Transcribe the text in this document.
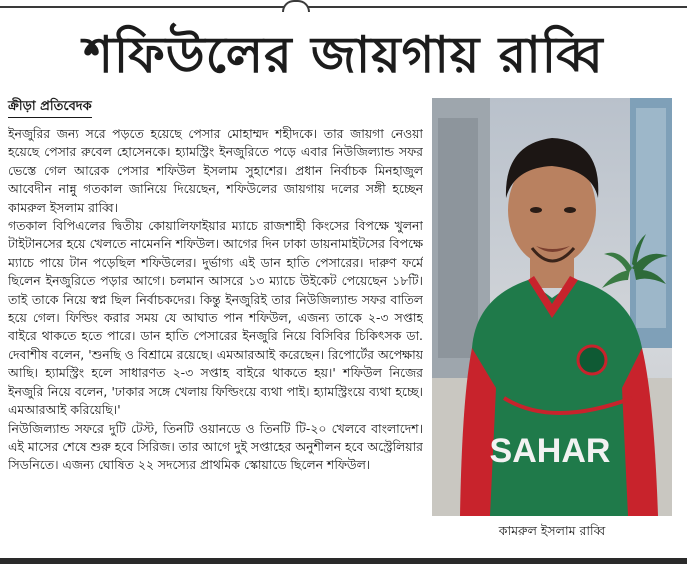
শফিউলের জায়গায় রাব্বি
ক্রীড়া প্রতিবেদক

ইনজুরির জন্য সরে পড়তে হয়েছে পেসার মোহাম্মদ শহীদকে। তার জায়গা নেওয়া হয়েছে পেসার রুবেল হোসেনকে। হ্যামস্ট্রিং ইনজুরিতে পড়ে এবার নিউজিল্যান্ড সফর ভেস্তে গেল আরেক পেসার শফিউল ইসলাম সুহাশের। প্রধান নির্বাচক মিনহাজুল আবেদীন নান্নু গতকাল জানিয়ে দিয়েছেন, শফিউলের জায়গায় দলের সঙ্গী হচ্ছেন কামরুল ইসলাম রাব্বি।

গতকাল বিপিএলের দ্বিতীয় কোয়ালিফাইয়ার ম্যাচে রাজশাহী কিংসের বিপক্ষে খুলনা টাইটানসের হয়ে খেলতে নামেননি শফিউল। আগের দিন ঢাকা ডায়নামাইটসের বিপক্ষে ম্যাচে পায়ে টান পড়েছিল শফিউলের। দুর্ভাগ্য এই ডান হাতি পেসারের। দারুণ ফর্মে ছিলেন ইনজুরিতে পড়ার আগে। চলমান আসরে ১৩ ম্যাচে উইকেট পেয়েছেন ১৮টি। তাই তাকে নিয়ে স্বপ্ন ছিল নির্বাচকদের। কিন্তু ইনজুরিই তার নিউজিল্যান্ড সফর বাতিল হয়ে গেল। ফিল্ডিং করার সময় যে আঘাত পান শফিউল, এজন্য তাকে ২-৩ সপ্তাহ বাইরে থাকতে হতে পারে। ডান হাতি পেসারের ইনজুরি নিয়ে বিসিবির চিকিৎসক ডা. দেবাশীষ বলেন, 'শুনছি ও বিশ্রামে রয়েছে। এমআরআই করেছেন। রিপোর্টের অপেক্ষায় আছি। হ্যামস্ট্রিং হলে সাধারণত ২-৩ সপ্তাহ বাইরে থাকতে হয়।' শফিউল নিজের ইনজুরি নিয়ে বলেন, 'ঢাকার সঙ্গে খেলায় ফিল্ডিংয়ে ব্যথা পাই। হ্যামস্ট্রিংয়ে ব্যথা হচ্ছে। এমআরআই করিয়েছি।'

নিউজিল্যান্ড সফরে দুটি টেস্ট, তিনটি ওয়ানডে ও তিনটি টি-২০ খেলবে বাংলাদেশ। এই মাসের শেষে শুরু হবে সিরিজ। তার আগে দুই সপ্তাহের অনুশীলন হবে অস্ট্রেলিয়ার সিডনিতে। এজন্য ঘোষিত ২২ সদস্যের প্রাথমিক স্কোয়াডে ছিলেন শফিউল।	SAHAR
কামরুল ইসলাম রাব্বি
